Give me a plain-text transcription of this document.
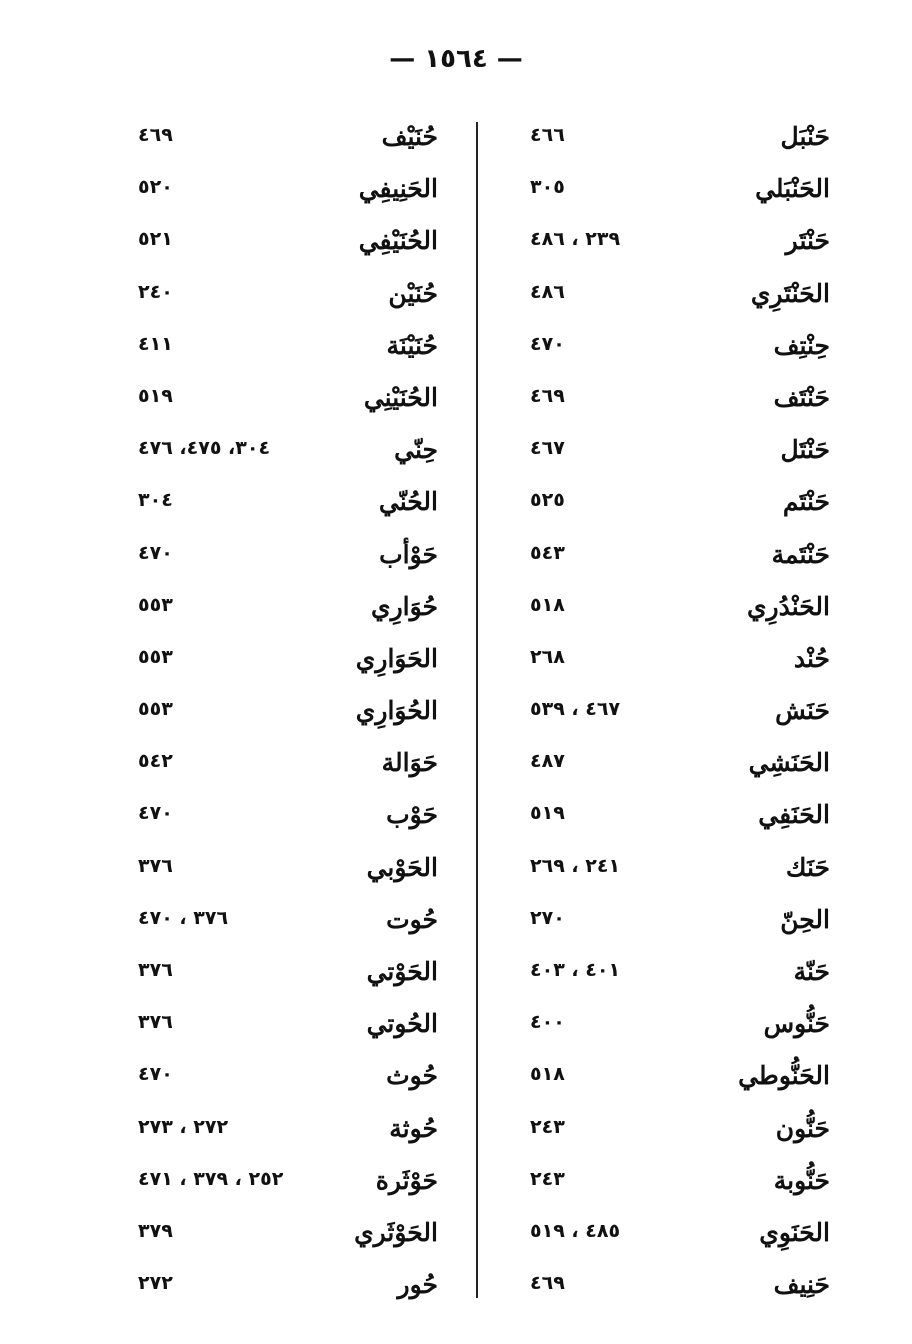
— ١٥٦٤ —
حَنْبَل
٤٦٦
الحَنْبَلي
٣٠٥
حَنْتَر
٢٣٩ ، ٤٨٦
الحَنْتَرِي
٤٨٦
حِنْتِف
٤٧٠
حَنْتَف
٤٦٩
حَنْتَل
٤٦٧
حَنْتَم
٥٢٥
حَنْتَمة
٥٤٣
الحَنْدُرِي
٥١٨
حُنْد
٢٦٨
حَنَش
٤٦٧ ، ٥٣٩
الحَنَشِي
٤٨٧
الحَنَفِي
٥١٩
حَنَك
٢٤١ ، ٢٦٩
الحِنّ
٢٧٠
حَنّة
٤٠١ ، ٤٠٣
حَنُّوس
٤٠٠
الحَنُّوطي
٥١٨
حَنُّون
٢٤٣
حَنُّوبة
٢٤٣
الحَنَوِي
٤٨٥ ، ٥١٩
حَنِيف
٤٦٩
حُنَيْف
٤٦٩
الحَنِيفِي
٥٢٠
الحُنَيْفِي
٥٢١
حُنَيْن
٢٤٠
حُنَيْنَة
٤١١
الحُنَيْنِي
٥١٩
حِنّي
٣٠٤، ٤٧٥، ٤٧٦
الحُنّي
٣٠٤
حَوْأب
٤٧٠
حُوَارِي
٥٥٣
الحَوَارِي
٥٥٣
الحُوَارِي
٥٥٣
حَوَالة
٥٤٢
حَوْب
٤٧٠
الحَوْبي
٣٧٦
حُوت
٣٧٦ ، ٤٧٠
الحَوْتي
٣٧٦
الحُوتي
٣٧٦
حُوث
٤٧٠
حُوثة
٢٧٢ ، ٢٧٣
حَوْثَرة
٢٥٢ ، ٣٧٩ ، ٤٧١
الحَوْثَري
٣٧٩
حُور
٢٧٢
